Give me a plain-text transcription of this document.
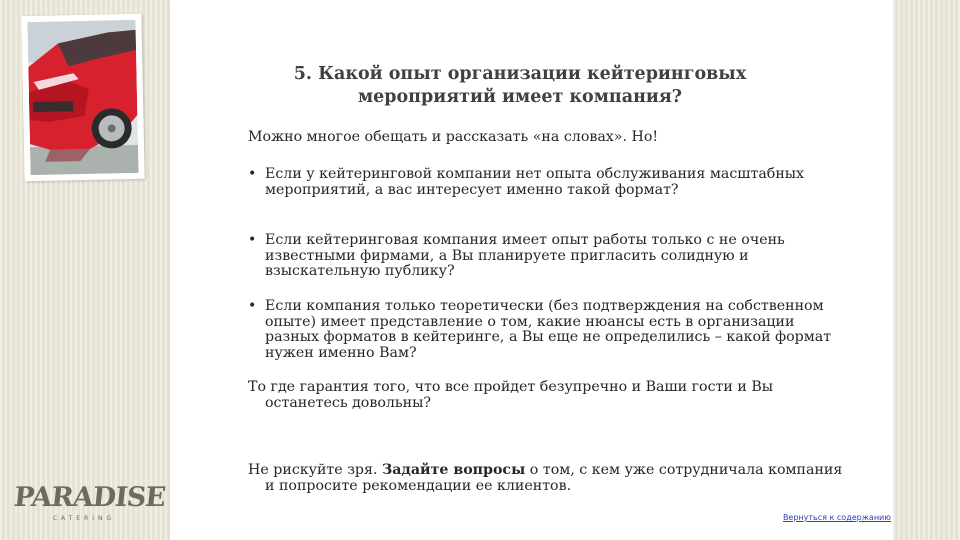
PARADISE
CATERING
5. Какой опыт организации кейтеринговых мероприятий имеет компания?
Можно многое обещать и рассказать «на словах». Но!
• Если у кейтеринговой компании нет опыта обслуживания масштабных мероприятий, а вас интересует именно такой формат?
• Если кейтеринговая компания имеет опыт работы только с не очень известными фирмами, а Вы планируете пригласить солидную и взыскательную публику?
• Если компания только теоретически (без подтверждения на собственном опыте) имеет представление о том, какие нюансы есть в организации разных форматов в кейтеринге, а Вы еще не определились – какой формат нужен именно Вам?
То где гарантия того, что все пройдет безупречно и Ваши гости и Вы останетесь довольны?
Не рискуйте зря. Задайте вопросы о том, с кем уже сотрудничала компания и попросите рекомендации ее клиентов.
Вернуться к содержанию
